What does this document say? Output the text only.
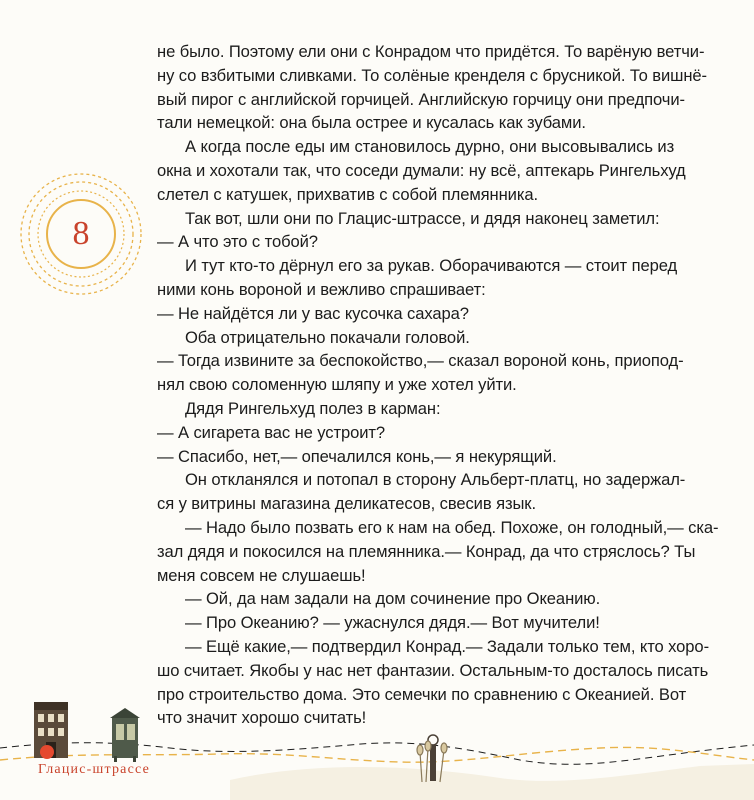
8

не было. Поэтому ели они с Конрадом что придётся. То варёную ветчи-

ну со взбитыми сливками. То солёные кренделя с брусникой. То вишнё-

вый пирог с английской горчицей. Английскую горчицу они предпочи-

тали немецкой: она была острее и кусалась как зубами.

А когда после еды им становилось дурно, они высовывались из

окна и хохотали так, что соседи думали: ну всё, аптекарь Рингельхуд

слетел с катушек, прихватив с собой племянника.

Так вот, шли они по Глацис-штрассе, и дядя наконец заметил:

— А что это с тобой?

И тут кто-то дёрнул его за рукав. Оборачиваются — стоит перед

ними конь вороной и вежливо спрашивает:

— Не найдётся ли у вас кусочка сахара?

Оба отрицательно покачали головой.

— Тогда извините за беспокойство,— сказал вороной конь, приопод-

нял свою соломенную шляпу и уже хотел уйти.

Дядя Рингельхуд полез в карман:

— А сигарета вас не устроит?

— Спасибо, нет,— опечалился конь,— я некурящий.

Он откланялся и потопал в сторону Альберт-платц, но задержал-

ся у витрины магазина деликатесов, свесив язык.

— Надо было позвать его к нам на обед. Похоже, он голодный,— ска-

зал дядя и покосился на племянника.— Конрад, да что стряслось? Ты

меня совсем не слушаешь!

— Ой, да нам задали на дом сочинение про Океанию.

— Про Океанию? — ужаснулся дядя.— Вот мучители!

— Ещё какие,— подтвердил Конрад.— Задали только тем, кто хоро-

шо считает. Якобы у нас нет фантазии. Остальным-то досталось писать

про строительство дома. Это семечки по сравнению с Океанией. Вот

что значит хорошо считать!

Глацис-штрассе
